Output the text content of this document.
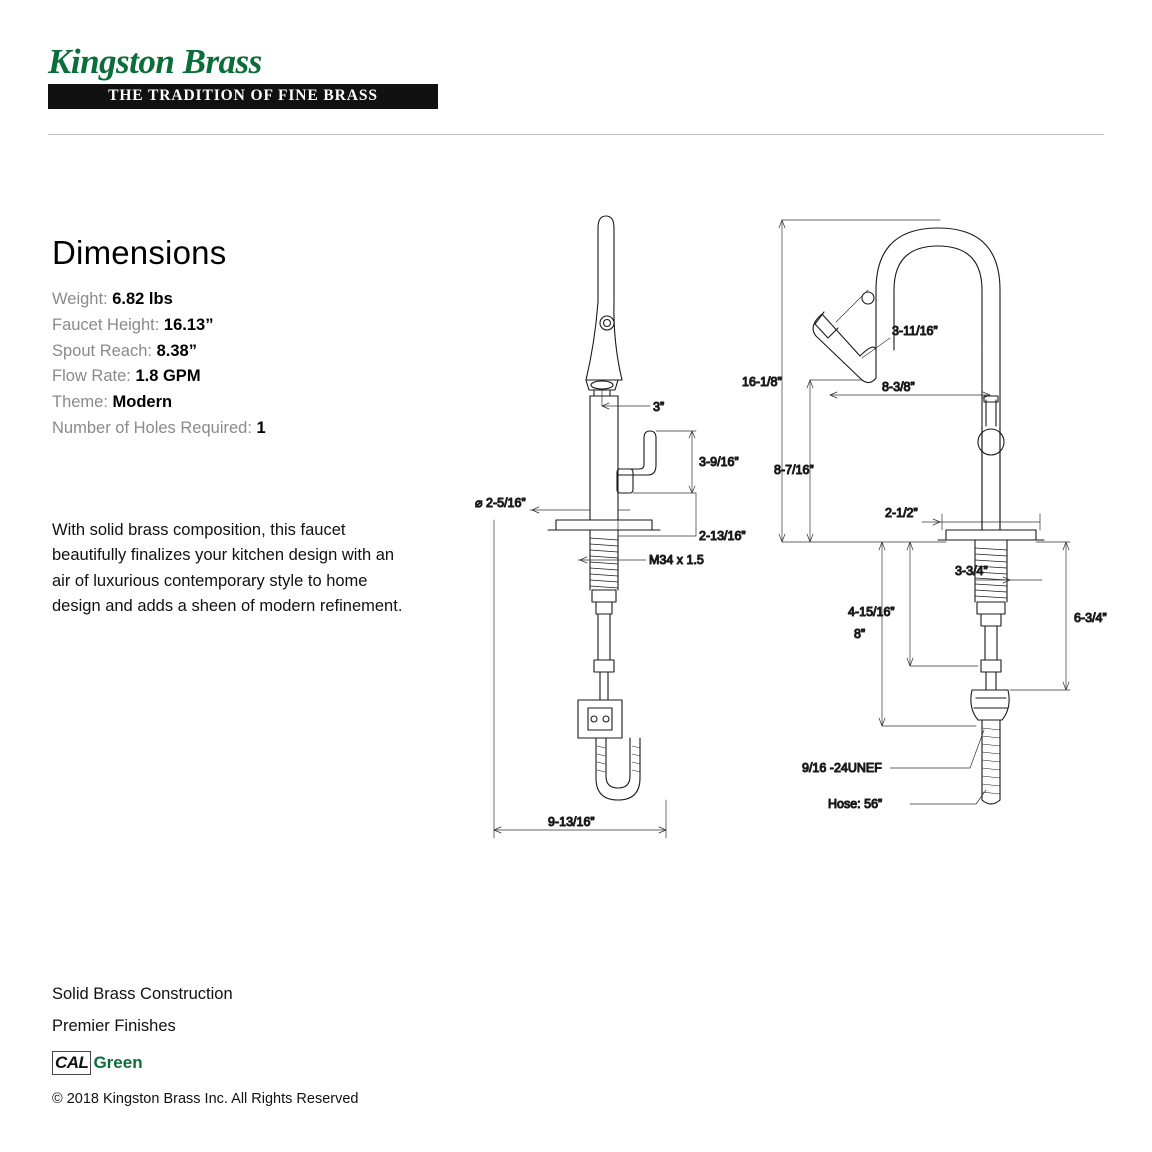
Kingston Brass
THE TRADITION OF FINE BRASS
Dimensions
Weight: 6.82 lbs
Faucet Height: 16.13”
Spout Reach: 8.38”
Flow Rate: 1.8 GPM
Theme: Modern
Number of Holes Required: 1

With solid brass composition, this faucet beautifully finalizes your kitchen design with an air of luxurious contemporary style to home design and adds a sheen of modern refinement.

3”
3-9/16”
2-13/16”
⌀ 2-5/16”
M34 x 1.5
9-13/16”
16-1/8”
3-11/16”
8-3/8”
8-7/16”
2-1/2”
3-3/4”
4-15/16”	6-3/4”
8”
9/16 -24UNEF
Hose: 56”
Solid Brass Construction
Premier Finishes
CAL Green
© 2018 Kingston Brass Inc. All Rights Reserved
